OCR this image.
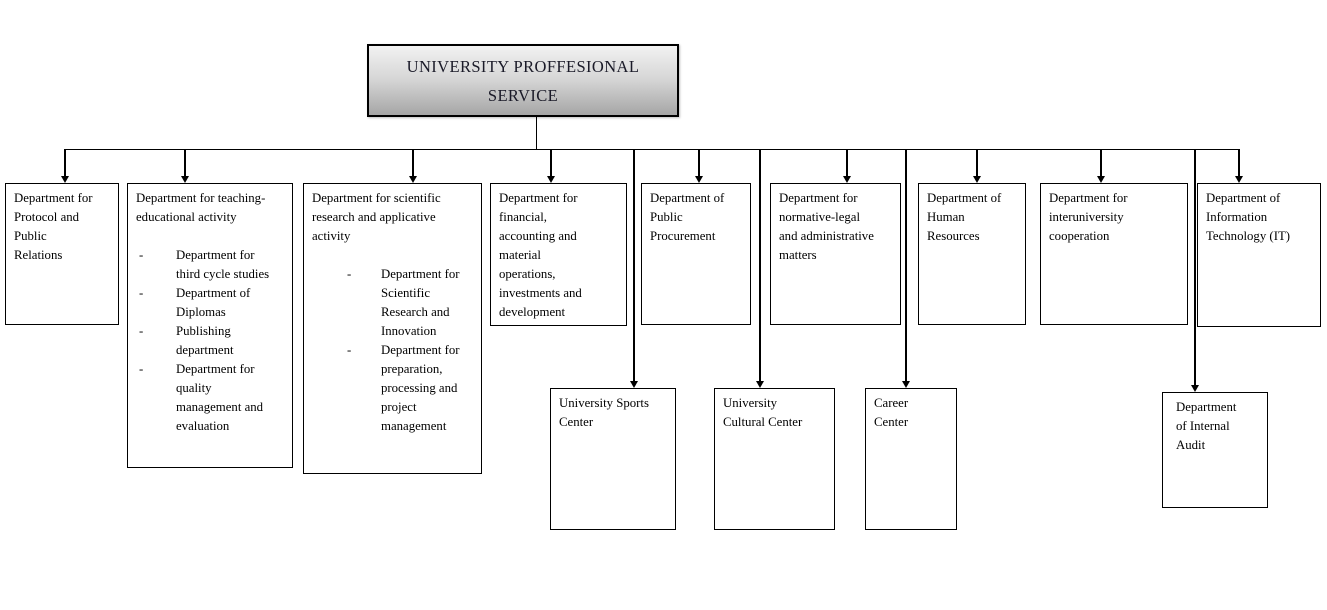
UNIVERSITY PROFFESIONAL
SERVICE
Department for
Protocol and
Public
Relations
Department for teaching-
educational activity
-	Department for
third cycle studies
-	Department of
Diplomas
-	Publishing
department
-	Department for
quality
management and
evaluation
Department for scientific
research and applicative
activity
-	Department for
Scientific
Research and
Innovation
-	Department for
preparation,
processing and
project
management
Department for
financial,
accounting and
material
operations,
investments and
development
Department of
Public
Procurement
Department for
normative-legal
and administrative
matters
Department of
Human
Resources
Department for
interuniversity
cooperation
Department of
Information
Technology (IT)
University Sports
Center
University
Cultural Center
Career
Center
Department
of Internal
Audit
